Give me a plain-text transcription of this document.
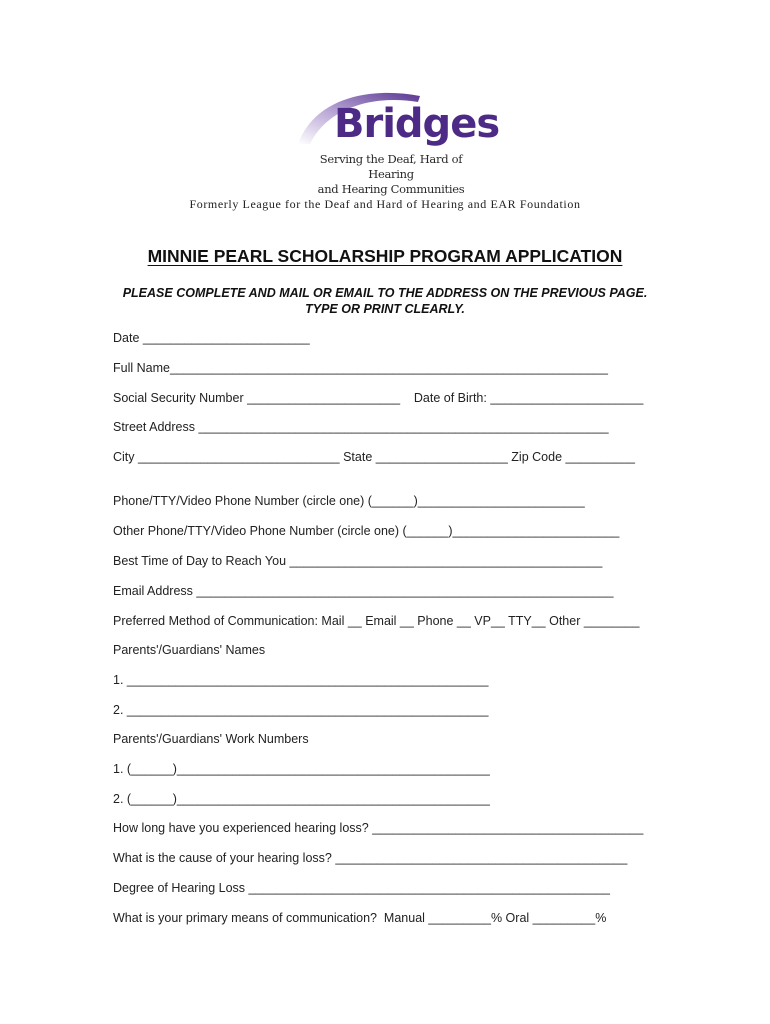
Bridges
Serving the Deaf, Hard of Hearing
and Hearing Communities
Formerly League for the Deaf and Hard of Hearing and EAR Foundation
MINNIE PEARL SCHOLARSHIP PROGRAM APPLICATION
PLEASE COMPLETE AND MAIL OR EMAIL TO THE ADDRESS ON THE PREVIOUS PAGE.
TYPE OR PRINT CLEARLY.
Date ________________________
Full Name_______________________________________________________________
Social Security Number ______________________    Date of Birth: ______________________
Street Address ___________________________________________________________
City _____________________________ State ___________________ Zip Code __________
Phone/TTY/Video Phone Number (circle one) (______)________________________
Other Phone/TTY/Video Phone Number (circle one) (______)________________________
Best Time of Day to Reach You _____________________________________________
Email Address ____________________________________________________________
Preferred Method of Communication: Mail __ Email __ Phone __ VP__ TTY__ Other ________
Parents'/Guardians' Names
1. ____________________________________________________
2. ____________________________________________________
Parents'/Guardians' Work Numbers
1. (______)_____________________________________________
2. (______)_____________________________________________
How long have you experienced hearing loss? _______________________________________
What is the cause of your hearing loss? __________________________________________
Degree of Hearing Loss ____________________________________________________
What is your primary means of communication?  Manual _________% Oral _________%
